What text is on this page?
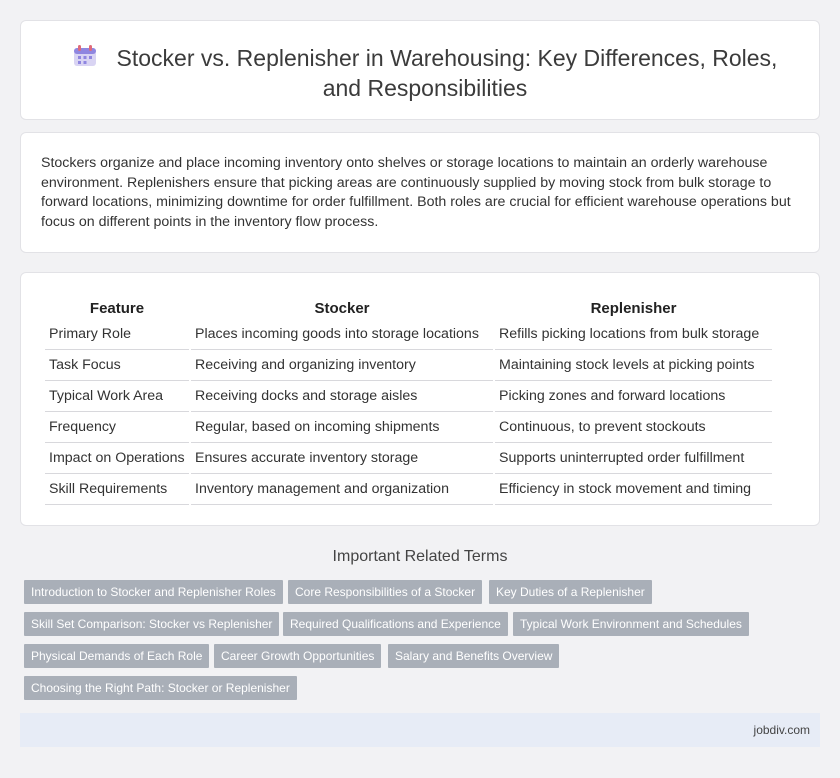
Stocker vs. Replenisher in Warehousing: Key Differences, Roles, and Responsibilities

Stockers organize and place incoming inventory onto shelves or storage locations to maintain an orderly warehouse environment. Replenishers ensure that picking areas are continuously supplied by moving stock from bulk storage to forward locations, minimizing downtime for order fulfillment. Both roles are crucial for efficient warehouse operations but focus on different points in the inventory flow process.

Feature	Stocker	Replenisher
Primary Role	Places incoming goods into storage locations	Refills picking locations from bulk storage
Task Focus	Receiving and organizing inventory	Maintaining stock levels at picking points
Typical Work Area	Receiving docks and storage aisles	Picking zones and forward locations
Frequency	Regular, based on incoming shipments	Continuous, to prevent stockouts
Impact on Operations	Ensures accurate inventory storage	Supports uninterrupted order fulfillment
Skill Requirements	Inventory management and organization	Efficiency in stock movement and timing
Important Related Terms
Introduction to Stocker and Replenisher Roles	Core Responsibilities of a Stocker	Key Duties of a Replenisher
Skill Set Comparison: Stocker vs Replenisher	Required Qualifications and Experience	Typical Work Environment and Schedules
Physical Demands of Each Role	Career Growth Opportunities	Salary and Benefits Overview
Choosing the Right Path: Stocker or Replenisher
jobdiv.com
